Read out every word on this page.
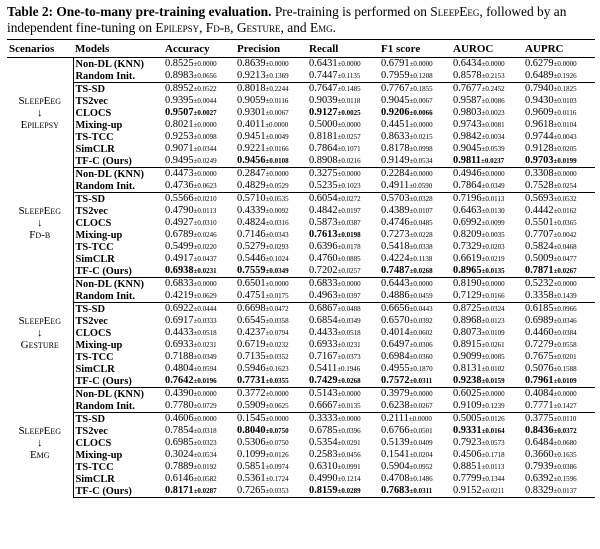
Table 2: One-to-many pre-training evaluation. Pre-training is performed on SleepEeg, followed by an independent fine-tuning on Epilepsy, Fd-b, Gesture, and Emg.
Scenarios	Models	Accuracy	Precision	Recall	F1 score	AUROC	AUPRC

SleepEeg
↓
Epilepsy	Non-DL (KNN)	0.8525±0.0000	0.8639±0.0000	0.6431±0.0000	0.6791±0.0000	0.6434±0.0000	0.6279±0.0000
	Random Init.	0.8983±0.0656	0.9213±0.1369	0.7447±0.1135	0.7959±0.1208	0.8578±0.2153	0.6489±0.1926
	TS-SD	0.8952±0.0522	0.8018±0.2244	0.7647±0.1485	0.7767±0.1855	0.7677±0.2452	0.7940±0.1825
	TS2vec	0.9395±0.0044	0.9059±0.0116	0.9039±0.0118	0.9045±0.0067	0.9587±0.0086	0.9430±0.0103
	CLOCS	0.9507±0.0027	0.9301±0.0067	0.9127±0.0025	0.9206±0.0066	0.9803±0.0023	0.9609±0.0116
	Mixing-up	0.8021±0.0000	0.4011±0.0000	0.5000±0.0000	0.4451±0.0000	0.9743±0.0081	0.9618±0.0104
	TS-TCC	0.9253±0.0098	0.9451±0.0049	0.8181±0.0257	0.8633±0.0215	0.9842±0.0034	0.9744±0.0043
	SimCLR	0.9071±0.0344	0.9221±0.0166	0.7864±0.1071	0.8178±0.0998	0.9045±0.0539	0.9128±0.0205
	TF-C (Ours)	0.9495±0.0249	0.9456±0.0108	0.8908±0.0216	0.9149±0.0534	0.9811±0.0237	0.9703±0.0199

SleepEeg
↓
Fd-b	Non-DL (KNN)	0.4473±0.0000	0.2847±0.0000	0.3275±0.0000	0.2284±0.0000	0.4946±0.0000	0.3308±0.0000
	Random Init.	0.4736±0.0623	0.4829±0.0529	0.5235±0.1023	0.4911±0.0590	0.7864±0.0349	0.7528±0.0254
	TS-SD	0.5566±0.0210	0.5710±0.0535	0.6054±0.0272	0.5703±0.0328	0.7196±0.0113	0.5693±0.0532
	TS2vec	0.4790±0.0113	0.4339±0.0092	0.4842±0.0197	0.4389±0.0107	0.6463±0.0130	0.4442±0.0162
	CLOCS	0.4927±0.0310	0.4824±0.0316	0.5873±0.0387	0.4746±0.0485	0.6992±0.0099	0.5501±0.0365
	Mixing-up	0.6789±0.0246	0.7146±0.0343	0.7613±0.0198	0.7273±0.0228	0.8209±0.0035	0.7707±0.0042
	TS-TCC	0.5499±0.0220	0.5279±0.0293	0.6396±0.0178	0.5418±0.0338	0.7329±0.0203	0.5824±0.0468
	SimCLR	0.4917±0.0437	0.5446±0.1024	0.4760±0.0885	0.4224±0.1138	0.6619±0.0219	0.5009±0.0477
	TF-C (Ours)	0.6938±0.0231	0.7559±0.0349	0.7202±0.0257	0.7487±0.0268	0.8965±0.0135	0.7871±0.0267

SleepEeg
↓
Gesture	Non-DL (KNN)	0.6833±0.0000	0.6501±0.0000	0.6833±0.0000	0.6443±0.0000	0.8190±0.0000	0.5232±0.0000
	Random Init.	0.4219±0.0629	0.4751±0.0175	0.4963±0.0397	0.4886±0.0459	0.7129±0.0166	0.3358±0.1439
	TS-SD	0.6922±0.0444	0.6698±0.0472	0.6867±0.0488	0.6656±0.0443	0.8725±0.0324	0.6185±0.0966
	TS2vec	0.6917±0.0333	0.6545±0.0358	0.6854±0.0349	0.6570±0.0392	0.8968±0.0123	0.6989±0.0346
	CLOCS	0.4433±0.0518	0.4237±0.0794	0.4433±0.0518	0.4014±0.0602	0.8073±0.0109	0.4460±0.0384
	Mixing-up	0.6933±0.0231	0.6719±0.0232	0.6933±0.0231	0.6497±0.0306	0.8915±0.0261	0.7279±0.0558
	TS-TCC	0.7188±0.0349	0.7135±0.0352	0.7167±0.0373	0.6984±0.0360	0.9099±0.0085	0.7675±0.0201
	SimCLR	0.4804±0.0594	0.5946±0.1623	0.5411±0.1946	0.4955±0.1870	0.8131±0.0102	0.5076±0.1588
	TF-C (Ours)	0.7642±0.0196	0.7731±0.0355	0.7429±0.0268	0.7572±0.0311	0.9238±0.0159	0.7961±0.0109

SleepEeg
↓
Emg	Non-DL (KNN)	0.4390±0.0000	0.3772±0.0000	0.5143±0.0000	0.3979±0.0000	0.6025±0.0000	0.4084±0.0000
	Random Init.	0.7780±0.0729	0.5909±0.0625	0.6667±0.0135	0.6238±0.0267	0.9109±0.1239	0.7771±0.1427
	TS-SD	0.4606±0.0000	0.1545±0.0000	0.3333±0.0000	0.2111±0.0000	0.5005±0.0126	0.3775±0.0110
	TS2vec	0.7854±0.0318	0.8040±0.0750	0.6785±0.0396	0.6766±0.0501	0.9331±0.0164	0.8436±0.0372
	CLOCS	0.6985±0.0323	0.5306±0.0750	0.5354±0.0291	0.5139±0.0409	0.7923±0.0573	0.6484±0.0680
	Mixing-up	0.3024±0.0534	0.1099±0.0126	0.2583±0.0456	0.1541±0.0204	0.4506±0.1718	0.3660±0.1635
	TS-TCC	0.7889±0.0192	0.5851±0.0974	0.6310±0.0991	0.5904±0.0952	0.8851±0.0113	0.7939±0.0386
	SimCLR	0.6146±0.0582	0.5361±0.1724	0.4990±0.1214	0.4708±0.1486	0.7799±0.1344	0.6392±0.1596
	TF-C (Ours)	0.8171±0.0287	0.7265±0.0353	0.8159±0.0289	0.7683±0.0311	0.9152±0.0211	0.8329±0.0137
